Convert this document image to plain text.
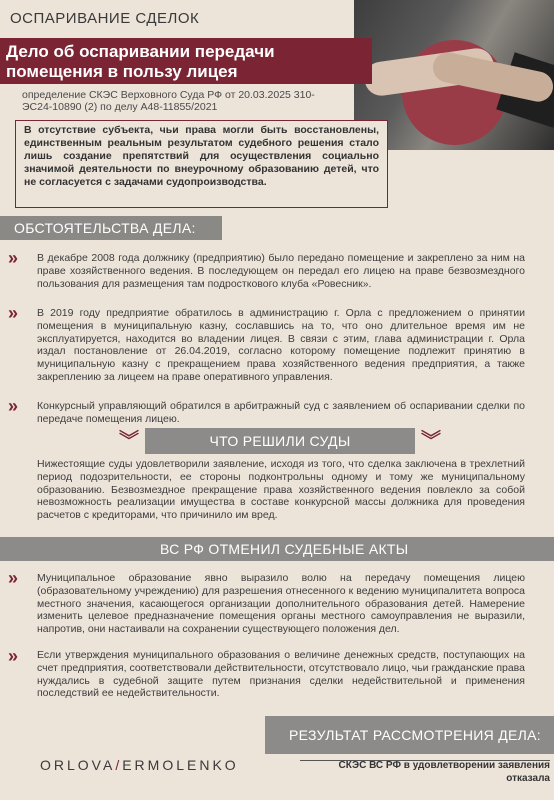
ОСПАРИВАНИЕ СДЕЛОК
Дело об оспаривании передачи помещения в пользу лицея
определение СКЭС Верховного Суда РФ от 20.03.2025 310-ЭС24-10890 (2) по делу А48-11855/2021
В отсутствие субъекта, чьи права могли быть восстановлены, единственным реальным результатом судебного решения стало лишь создание препятствий для осуществления социально значимой деятельности по внеурочному образованию детей, что не согласуется с задачами судопроизводства.
ОБСТОЯТЕЛЬСТВА ДЕЛА:
»	В декабре 2008 года должнику (предприятию) было передано помещение и закреплено за ним на праве хозяйственного ведения. В последующем он передал его лицею на праве безвозмездного пользования для размещения там подросткового клуба «Ровесник».
»	В 2019 году предприятие обратилось в администрацию г. Орла с предложением о принятии помещения в муниципальную казну, сославшись на то, что оно длительное время им не эксплуатируется, находится во владении лицея. В связи с этим, глава администрации г. Орла издал постановление от 26.04.2019, согласно которому помещение подлежит принятию в муниципальную казну с прекращением права хозяйственного ведения предприятия, а также закреплению за лицеем на праве оперативного управления.
»	Конкурсный управляющий обратился в арбитражный суд с заявлением об оспаривании сделки по передаче помещения лицею.
︾	ЧТО РЕШИЛИ СУДЫ	︾
Нижестоящие суды удовлетворили заявление, исходя из того, что сделка заключена в трехлетний период подозрительности, ее стороны подконтрольны одному и тому же муниципальному образованию. Безвозмездное прекращение права хозяйственного ведения повлекло за собой невозможность реализации имущества в составе конкурсной массы должника для проведения расчетов с кредиторами, что причинило им вред.
ВС РФ ОТМЕНИЛ СУДЕБНЫЕ АКТЫ
»	Муниципальное образование явно выразило волю на передачу помещения лицею (образовательному учреждению) для разрешения отнесенного к ведению муниципалитета вопроса местного значения, касающегося организации дополнительного образования детей. Намерение изменить целевое предназначение помещения органы местного самоуправления не выразили, напротив, они настаивали на сохранении существующего положения дел.
»	Если утверждения муниципального образования о величине денежных средств, поступающих на счет предприятия, соответствовали действительности, отсутствовало лицо, чьи гражданские права нуждались в судебной защите путем признания сделки недействительной и применения последствий ее недействительности.
РЕЗУЛЬТАТ РАССМОТРЕНИЯ ДЕЛА:
ORLOVA/ERMOLENKO	СКЭС ВС РФ в удовлетворении заявления отказала
